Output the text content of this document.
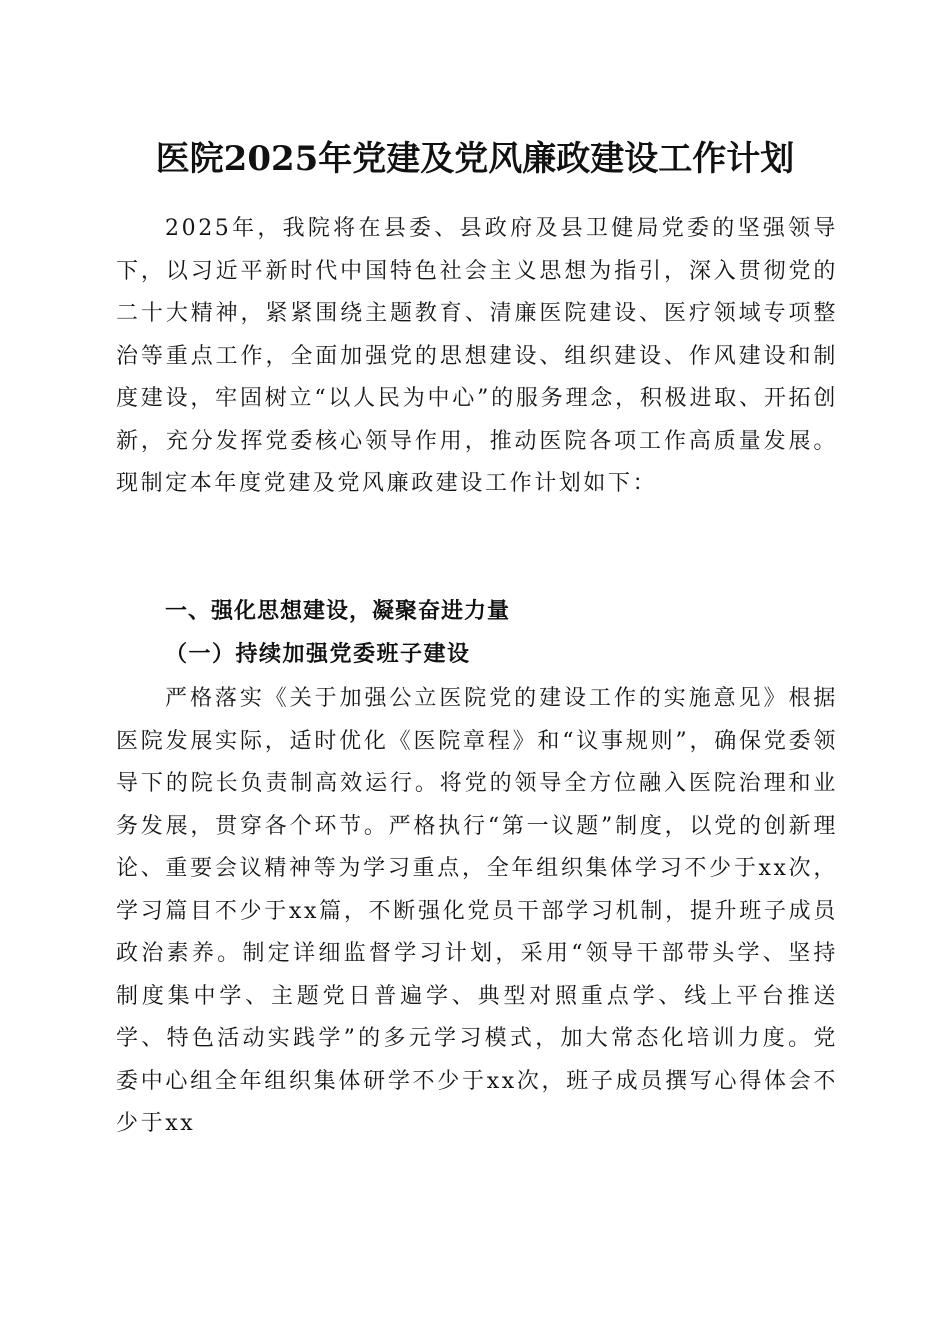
医院2025年党建及党风廉政建设工作计划

2025年，我院将在县委、县政府及县卫健局党委的坚强领导下，以习近平新时代中国特色社会主义思想为指引，深入贯彻党的二十大精神，紧紧围绕主题教育、清廉医院建设、医疗领域专项整治等重点工作，全面加强党的思想建设、组织建设、作风建设和制度建设，牢固树立“以人民为中心”的服务理念，积极进取、开拓创新，充分发挥党委核心领导作用，推动医院各项工作高质量发展。现制定本年度党建及党风廉政建设工作计划如下：

一、强化思想建设，凝聚奋进力量
（一）持续加强党委班子建设

严格落实《关于加强公立医院党的建设工作的实施意见》根据医院发展实际，适时优化《医院章程》和“议事规则”，确保党委领导下的院长负责制高效运行。将党的领导全方位融入医院治理和业务发展，贯穿各个环节。严格执行“第一议题”制度，以党的创新理论、重要会议精神等为学习重点，全年组织集体学习不少于xx次，学习篇目不少于xx篇，不断强化党员干部学习机制，提升班子成员政治素养。制定详细监督学习计划，采用“领导干部带头学、坚持制度集中学、主题党日普遍学、典型对照重点学、线上平台推送学、特色活动实践学”的多元学习模式，加大常态化培训力度。党委中心组全年组织集体研学不少于xx次，班子成员撰写心得体会不少于xx
